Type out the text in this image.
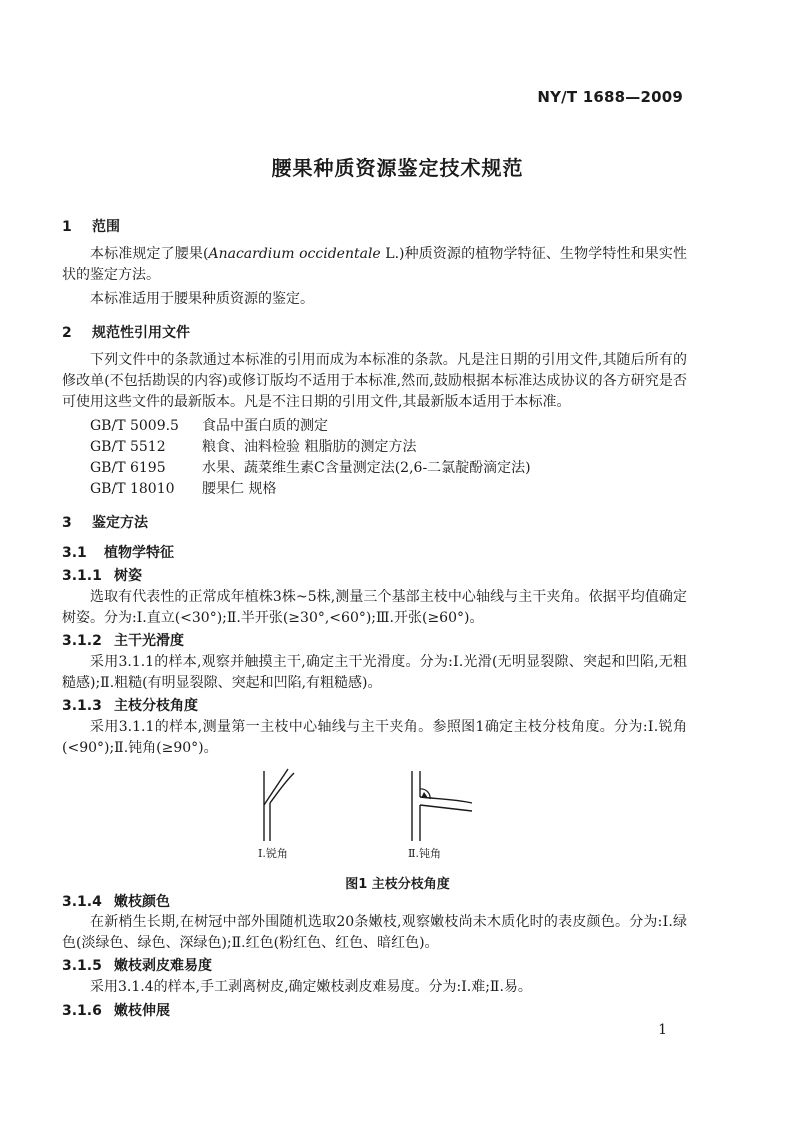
NY/T 1688—2009
腰果种质资源鉴定技术规范
1 范围
本标准规定了腰果(Anacardium occidentale L.)种质资源的植物学特征、生物学特性和果实性状的鉴定方法。
本标准适用于腰果种质资源的鉴定。
2 规范性引用文件
下列文件中的条款通过本标准的引用而成为本标准的条款。凡是注日期的引用文件,其随后所有的修改单(不包括勘误的内容)或修订版均不适用于本标准,然而,鼓励根据本标准达成协议的各方研究是否可使用这些文件的最新版本。凡是不注日期的引用文件,其最新版本适用于本标准。
GB/T 5009.5 食品中蛋白质的测定
GB/T 5512	粮食、油料检验 粗脂肪的测定方法
GB/T 6195	水果、蔬菜维生素C含量测定法(2,6-二氯靛酚滴定法)
GB/T 18010 腰果仁 规格
3 鉴定方法
3.1 植物学特征
3.1.1 树姿
选取有代表性的正常成年植株3株~5株,测量三个基部主枝中心轴线与主干夹角。依据平均值确定树姿。分为:Ⅰ.直立(<30°);Ⅱ.半开张(≥30°,<60°);Ⅲ.开张(≥60°)。
3.1.2 主干光滑度
采用3.1.1的样本,观察并触摸主干,确定主干光滑度。分为:Ⅰ.光滑(无明显裂隙、突起和凹陷,无粗糙感);Ⅱ.粗糙(有明显裂隙、突起和凹陷,有粗糙感)。
3.1.3 主枝分枝角度
采用3.1.1的样本,测量第一主枝中心轴线与主干夹角。参照图1确定主枝分枝角度。分为:Ⅰ.锐角(<90°);Ⅱ.钝角(≥90°)。
Ⅰ.锐角	Ⅱ.钝角
图1 主枝分枝角度
3.1.4 嫩枝颜色
在新梢生长期,在树冠中部外围随机选取20条嫩枝,观察嫩枝尚未木质化时的表皮颜色。分为:Ⅰ.绿色(淡绿色、绿色、深绿色);Ⅱ.红色(粉红色、红色、暗红色)。
3.1.5 嫩枝剥皮难易度
采用3.1.4的样本,手工剥离树皮,确定嫩枝剥皮难易度。分为:Ⅰ.难;Ⅱ.易。
3.1.6 嫩枝伸展
1
